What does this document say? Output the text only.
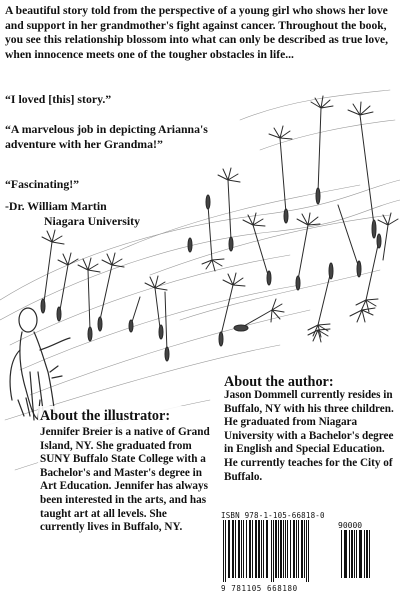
A beautiful story told from the perspective of a young girl who shows her love and support in her grandmother's fight against cancer. Throughout the book, you see this relationship blossom into what can only be described as true love, when innocence meets one of the tougher obstacles in life...
“I loved [this] story.”
“A marvelous job in depicting Arianna's adventure with her Grandma!”
“Fascinating!”
-Dr. William Martin
Niagara University
About the illustrator:
Jennifer Breier is a native of Grand Island, NY. She graduated from SUNY Buffalo State College with a Bachelor's and Master's degree in Art Education. Jennifer has always been interested in the arts, and has taught art at all levels. She currently lives in Buffalo, NY.
About the author:
Jason Dommell currently resides in Buffalo, NY with his three children. He graduated from Niagara University with a Bachelor's degree in English and Special Education. He currently teaches for the City of Buffalo.
ISBN 978-1-105-66818-0
90000
9 781105 668180
